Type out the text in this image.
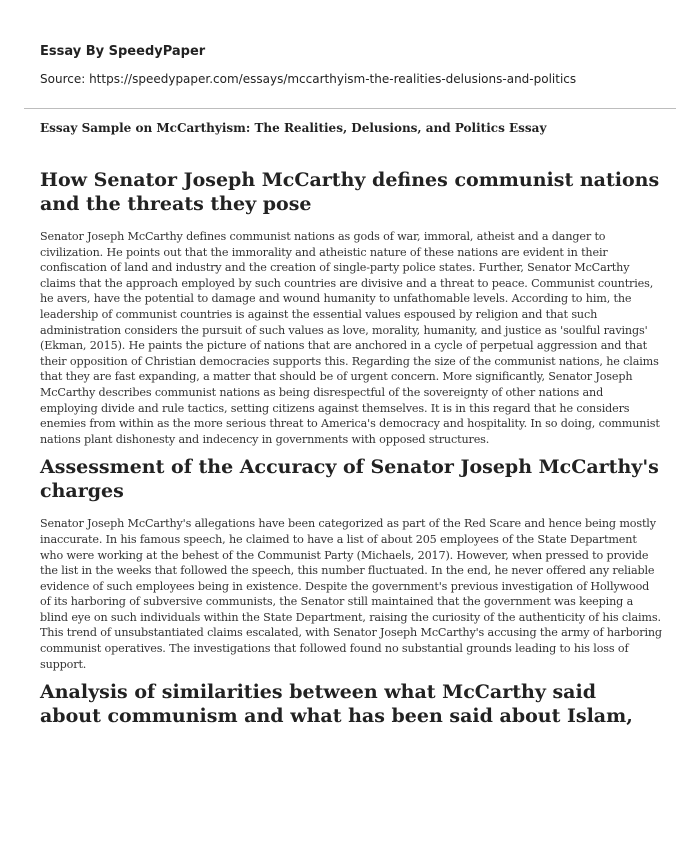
Essay By SpeedyPaper
Source: https://speedypaper.com/essays/mccarthyism-the-realities-delusions-and-politics
Essay Sample on McCarthyism: The Realities, Delusions, and Politics Essay
How Senator Joseph McCarthy defines communist nations and the threats they pose

Senator Joseph McCarthy defines communist nations as gods of war, immoral, atheist and a danger to civilization. He points out that the immorality and atheistic nature of these nations are evident in their confiscation of land and industry and the creation of single-party police states. Further, Senator McCarthy claims that the approach employed by such countries are divisive and a threat to peace. Communist countries, he avers, have the potential to damage and wound humanity to unfathomable levels. According to him, the leadership of communist countries is against the essential values espoused by religion and that such administration considers the pursuit of such values as love, morality, humanity, and justice as 'soulful ravings' (Ekman, 2015). He paints the picture of nations that are anchored in a cycle of perpetual aggression and that their opposition of Christian democracies supports this. Regarding the size of the communist nations, he claims that they are fast expanding, a matter that should be of urgent concern. More significantly, Senator Joseph McCarthy describes communist nations as being disrespectful of the sovereignty of other nations and employing divide and rule tactics, setting citizens against themselves. It is in this regard that he considers enemies from within as the more serious threat to America's democracy and hospitality. In so doing, communist nations plant dishonesty and indecency in governments with opposed structures.

Assessment of the Accuracy of Senator Joseph McCarthy's charges

Senator Joseph McCarthy's allegations have been categorized as part of the Red Scare and hence being mostly inaccurate. In his famous speech, he claimed to have a list of about 205 employees of the State Department who were working at the behest of the Communist Party (Michaels, 2017). However, when pressed to provide the list in the weeks that followed the speech, this number fluctuated. In the end, he never offered any reliable evidence of such employees being in existence. Despite the government's previous investigation of Hollywood of its harboring of subversive communists, the Senator still maintained that the government was keeping a blind eye on such individuals within the State Department, raising the curiosity of the authenticity of his claims. This trend of unsubstantiated claims escalated, with Senator Joseph McCarthy's accusing the army of harboring communist operatives. The investigations that followed found no substantial grounds leading to his loss of support.

Analysis of similarities between what McCarthy said about communism and what has been said about Islam,
